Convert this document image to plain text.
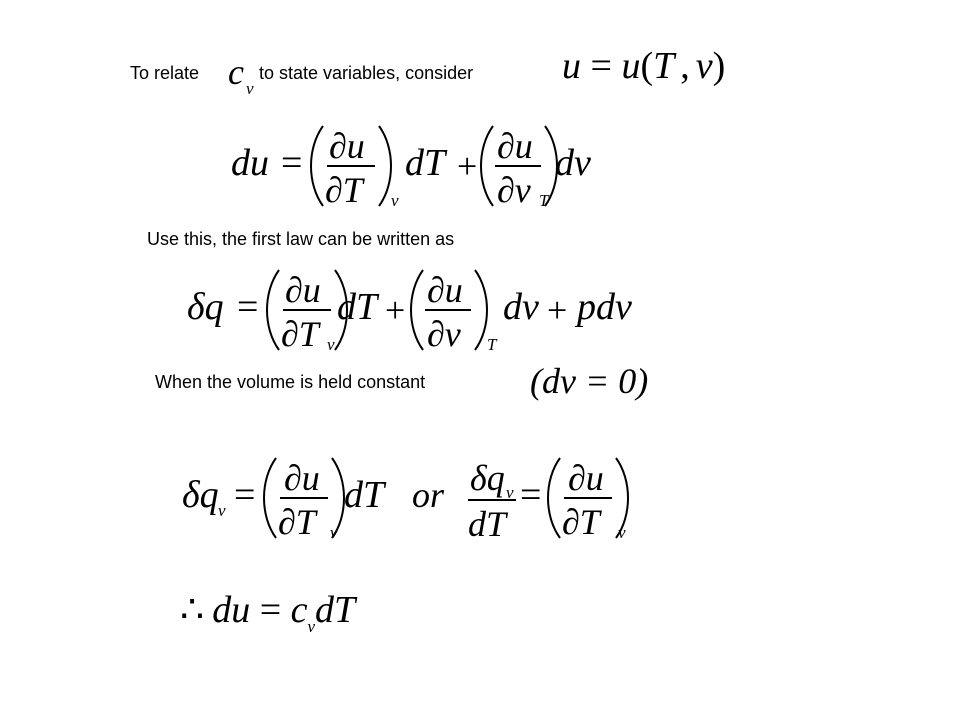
To relate c $_v$
to state variables, consider u = u(T , v)
du = ∂u
∂T v
dT + ∂u
∂v T
dv
Use this, the first law can be written as
δq = ∂u
∂T v
dT + ∂u
∂v T
dv + pdv
When the volume is held constant	(dv = 0)
δq v = ∂u
∂T v
dT or δq v
dT
= ∂u
∂T v
∴ du = $c_vdT$
